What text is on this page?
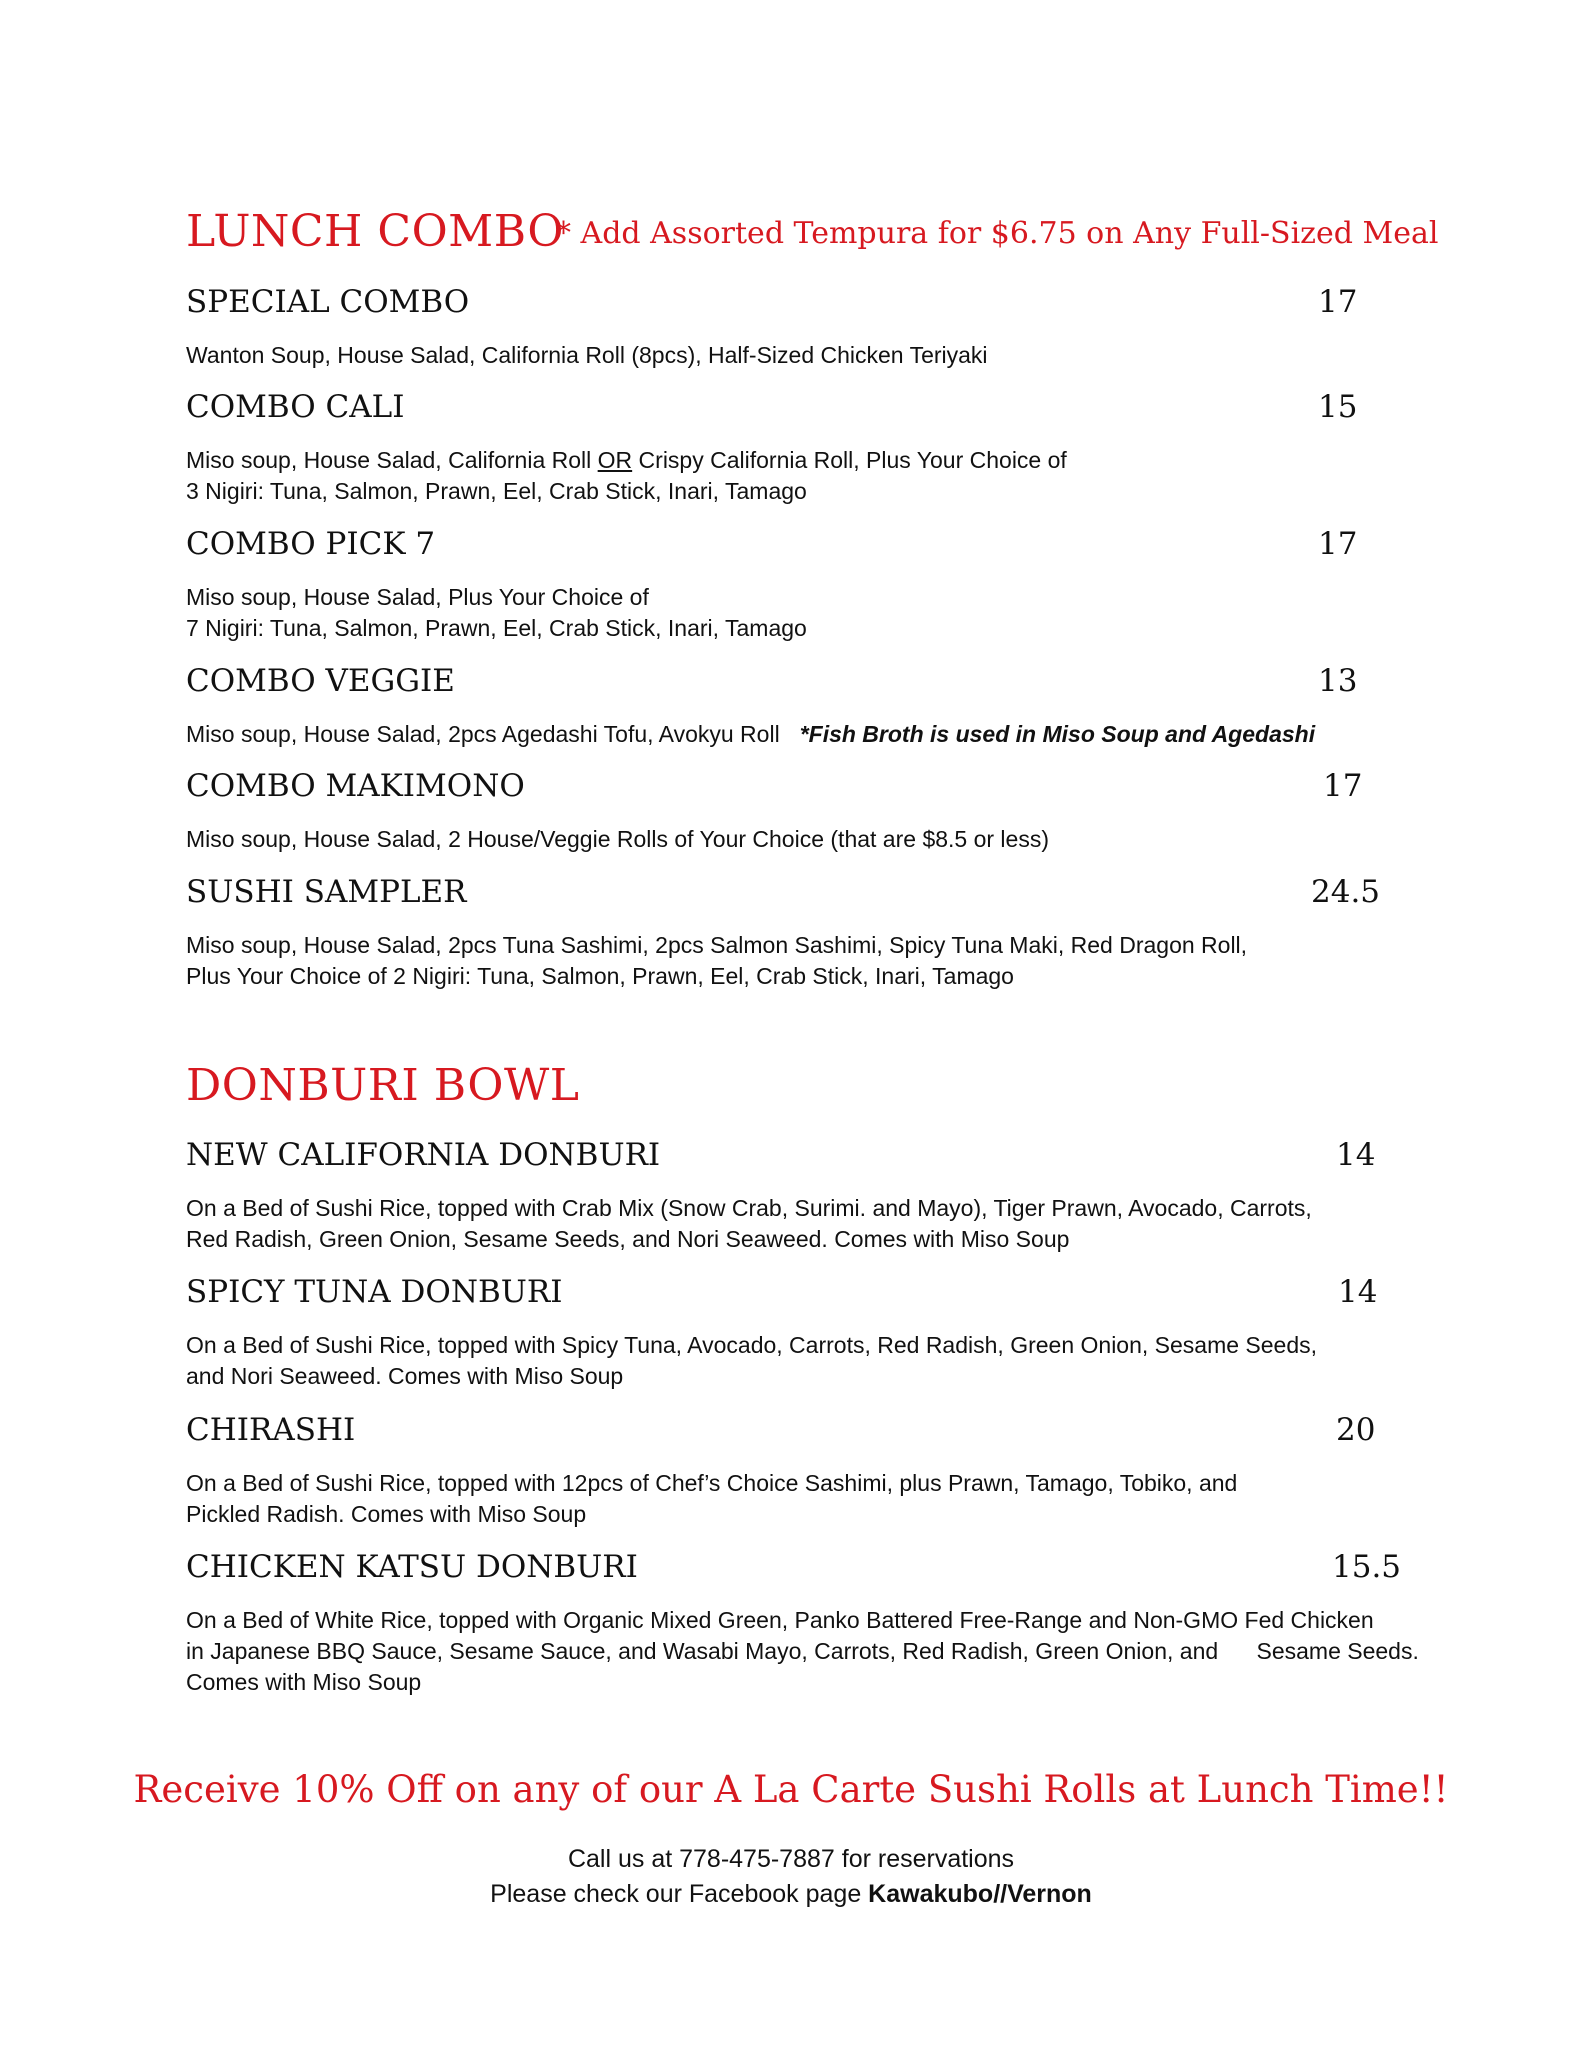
LUNCH COMBO
* Add Assorted Tempura for $6.75 on Any Full-Sized Meal
SPECIAL COMBO	17
Wanton Soup, House Salad, California Roll (8pcs), Half-Sized Chicken Teriyaki
COMBO CALI	15
Miso soup, House Salad, California Roll OR Crispy California Roll, Plus Your Choice of
3 Nigiri: Tuna, Salmon, Prawn, Eel, Crab Stick, Inari, Tamago
COMBO PICK 7	17
Miso soup, House Salad, Plus Your Choice of
7 Nigiri: Tuna, Salmon, Prawn, Eel, Crab Stick, Inari, Tamago
COMBO VEGGIE	13
Miso soup, House Salad, 2pcs Agedashi Tofu, Avokyu Roll *Fish Broth is used in Miso Soup and Agedashi
COMBO MAKIMONO	17
Miso soup, House Salad, 2 House/Veggie Rolls of Your Choice (that are $8.5 or less)
SUSHI SAMPLER	24.5
Miso soup, House Salad, 2pcs Tuna Sashimi, 2pcs Salmon Sashimi, Spicy Tuna Maki, Red Dragon Roll,
Plus Your Choice of 2 Nigiri: Tuna, Salmon, Prawn, Eel, Crab Stick, Inari, Tamago
DONBURI BOWL
NEW CALIFORNIA DONBURI	14
On a Bed of Sushi Rice, topped with Crab Mix (Snow Crab, Surimi. and Mayo), Tiger Prawn, Avocado, Carrots,
Red Radish, Green Onion, Sesame Seeds, and Nori Seaweed. Comes with Miso Soup
SPICY TUNA DONBURI	14
On a Bed of Sushi Rice, topped with Spicy Tuna, Avocado, Carrots, Red Radish, Green Onion, Sesame Seeds,
and Nori Seaweed. Comes with Miso Soup
CHIRASHI	20
On a Bed of Sushi Rice, topped with 12pcs of Chef’s Choice Sashimi, plus Prawn, Tamago, Tobiko, and
Pickled Radish. Comes with Miso Soup
CHICKEN KATSU DONBURI	15.5
On a Bed of White Rice, topped with Organic Mixed Green, Panko Battered Free-Range and Non-GMO Fed Chicken
in Japanese BBQ Sauce, Sesame Sauce, and Wasabi Mayo, Carrots, Red Radish, Green Onion, and      Sesame Seeds.
Comes with Miso Soup
Receive 10% Off on any of our A La Carte Sushi Rolls at Lunch Time!!
Call us at 778-475-7887 for reservations
Please check our Facebook page Kawakubo//Vernon
